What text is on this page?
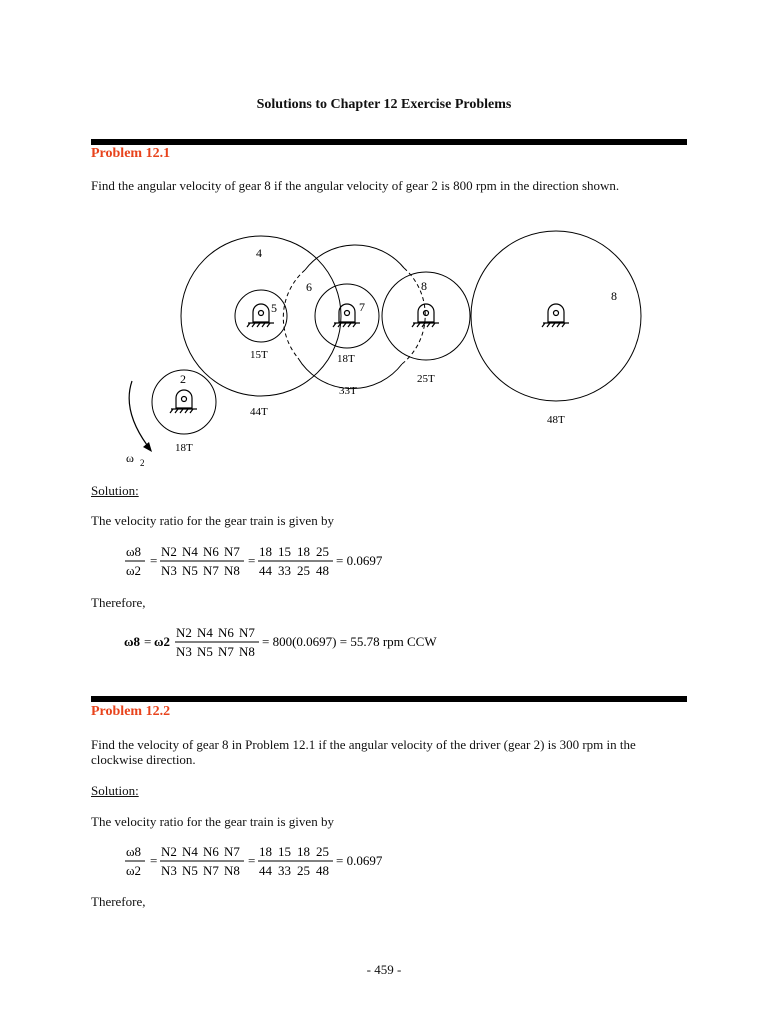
Solutions to Chapter 12 Exercise Problems
Problem 12.1
Find the angular velocity of gear 8 if the angular velocity of gear 2 is 800 rpm in the direction shown.
4
2
5
6
7
8
8
15T	18T
25T
33T
44T
48T
18T
ω 2
Solution:
The velocity ratio for the gear train is given by
ω8
ω2
=
N2 N4 N6 N7
N3 N5 N7 N8
=
18 15 18 25
44 33 25 48
= 0.0697
Therefore,
ω8 = ω2
N2 N4 N6 N7
N3 N5 N7 N8
= 800(0.0697) = 55.78 rpm CCW
Problem 12.2
Find the velocity of gear 8 in Problem 12.1 if the angular velocity of the driver (gear 2) is 300 rpm in the clockwise direction.
Solution:
The velocity ratio for the gear train is given by
ω8
ω2
=
N2 N4 N6 N7
N3 N5 N7 N8
=
18 15 18 25
44 33 25 48
= 0.0697
Therefore,
- 459 -
